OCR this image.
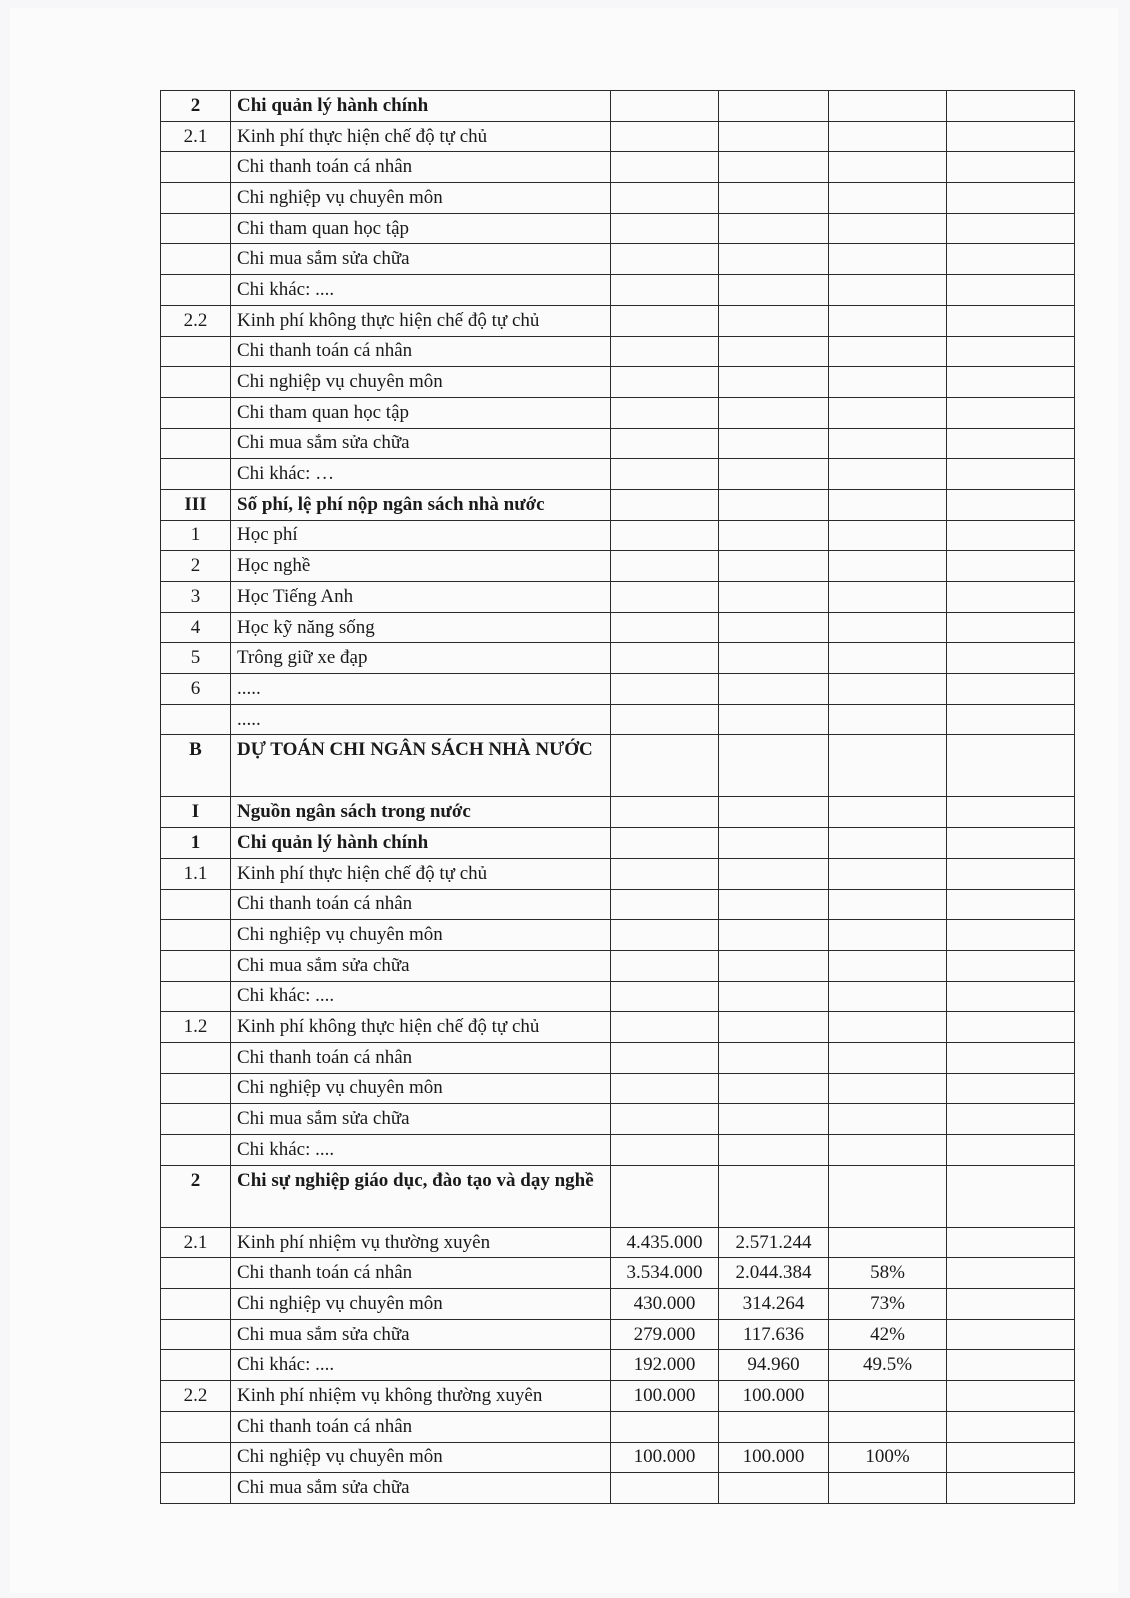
2	Chi quản lý hành chính				
2.1	Kinh phí thực hiện chế độ tự chủ				
	Chi thanh toán cá nhân				
	Chi nghiệp vụ chuyên môn				
	Chi tham quan học tập				
	Chi mua sắm sửa chữa				
	Chi khác: ....				
2.2	Kinh phí không thực hiện chế độ tự chủ				
	Chi thanh toán cá nhân				
	Chi nghiệp vụ chuyên môn				
	Chi tham quan học tập				
	Chi mua sắm sửa chữa				
	Chi khác: …				
III	Số phí, lệ phí nộp ngân sách nhà nước				
1	Học phí				
2	Học nghề				
3	Học Tiếng Anh				
4	Học kỹ năng sống				
5	Trông giữ xe đạp				
6	.....				
	.....				
B	DỰ TOÁN CHI NGÂN SÁCH NHÀ NƯỚC				
I	Nguồn ngân sách trong nước				
1	Chi quản lý hành chính				
1.1	Kinh phí thực hiện chế độ tự chủ				
	Chi thanh toán cá nhân				
	Chi nghiệp vụ chuyên môn				
	Chi mua sắm sửa chữa				
	Chi khác: ....				
1.2	Kinh phí không thực hiện chế độ tự chủ				
	Chi thanh toán cá nhân				
	Chi nghiệp vụ chuyên môn				
	Chi mua sắm sửa chữa				
	Chi khác: ....				
2	Chi sự nghiệp giáo dục, đào tạo và dạy nghề				
2.1	Kinh phí nhiệm vụ thường xuyên	4.435.000	2.571.244		
	Chi thanh toán cá nhân	3.534.000	2.044.384	58%	
	Chi nghiệp vụ chuyên môn	430.000	314.264	73%	
	Chi mua sắm sửa chữa	279.000	117.636	42%	
	Chi khác: ....	192.000	94.960	49.5%	
2.2	Kinh phí nhiệm vụ không thường xuyên	100.000	100.000		
	Chi thanh toán cá nhân				
	Chi nghiệp vụ chuyên môn	100.000	100.000	100%	
	Chi mua sắm sửa chữa				
